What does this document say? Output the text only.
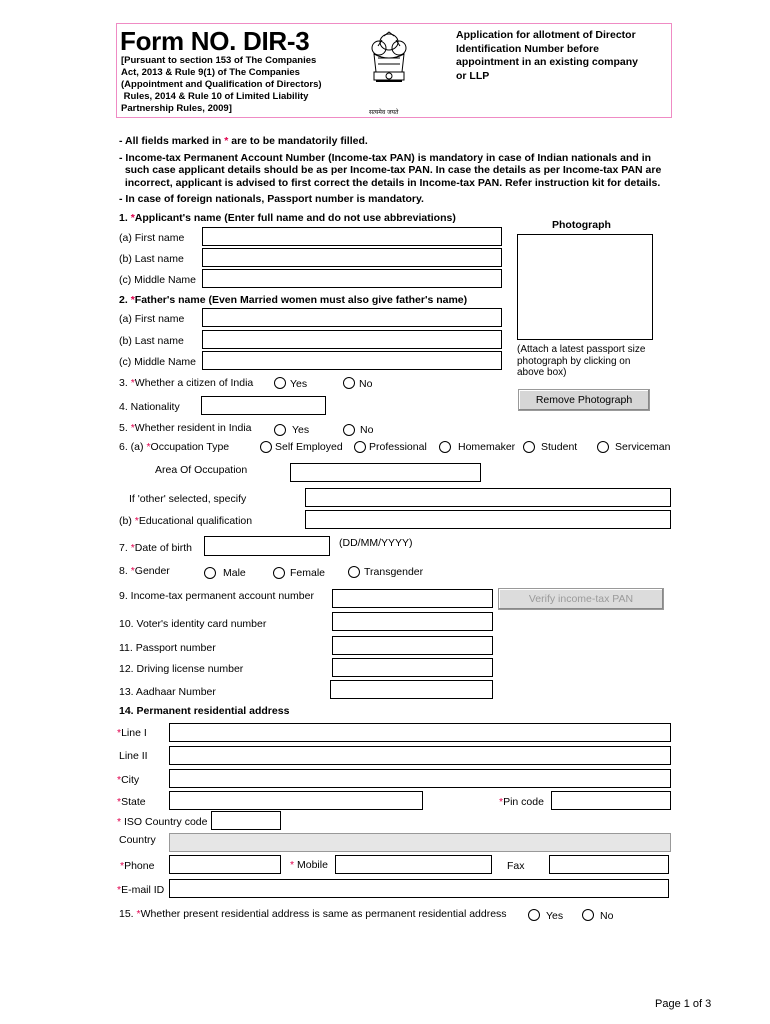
Form NO. DIR-3
[Pursuant to section 153 of The Companies
Act, 2013 & Rule 9(1) of The Companies
(Appointment and Qualification of Directors)
Rules, 2014 & Rule 10 of Limited Liability
Partnership Rules, 2009]	सत्यमेव जयते
Application for allotment of Director
Identification Number before
appointment in an existing company
or LLP
- All fields marked in * are to be mandatorily filled.
- Income-tax Permanent Account Number (Income-tax PAN) is mandatory in case of Indian nationals and in
such case applicant details should be as per Income-tax PAN. In case the details as per Income-tax PAN are
incorrect, applicant is advised to first correct the details in Income-tax PAN. Refer instruction kit for details.
- In case of foreign nationals, Passport number is mandatory.
1. *Applicant's name (Enter full name and do not use abbreviations)
(a) First name
(b) Last name
(c) Middle Name
Photograph
(Attach a latest passport size
photograph by clicking on
above box)
Remove Photograph
2. *Father's name (Even Married women must also give father's name)
(a) First name
(b) Last name
(c) Middle Name
3. *Whether a citizen of India	Yes	No
4. Nationality
5. *Whether resident in India	Yes	No
6. (a) *Occupation Type	Self Employed	Professional	Homemaker Student	Serviceman
Area Of Occupation
If 'other' selected, specify
(b) *Educational qualification
7. *Date of birth	(DD/MM/YYYY)
8. *Gender	Male	Female	Transgender
9. Income-tax permanent account number	Verify income-tax PAN
10. Voter's identity card number
11. Passport number
12. Driving license number
13. Aadhaar Number
14. Permanent residential address
*Line I
Line II
*City
*State	*Pin code
* ISO Country code
Country
*Phone	* Mobile	Fax
*E-mail ID
15. *Whether present residential address is same as permanent residential address	Yes	No
Page 1 of 3
